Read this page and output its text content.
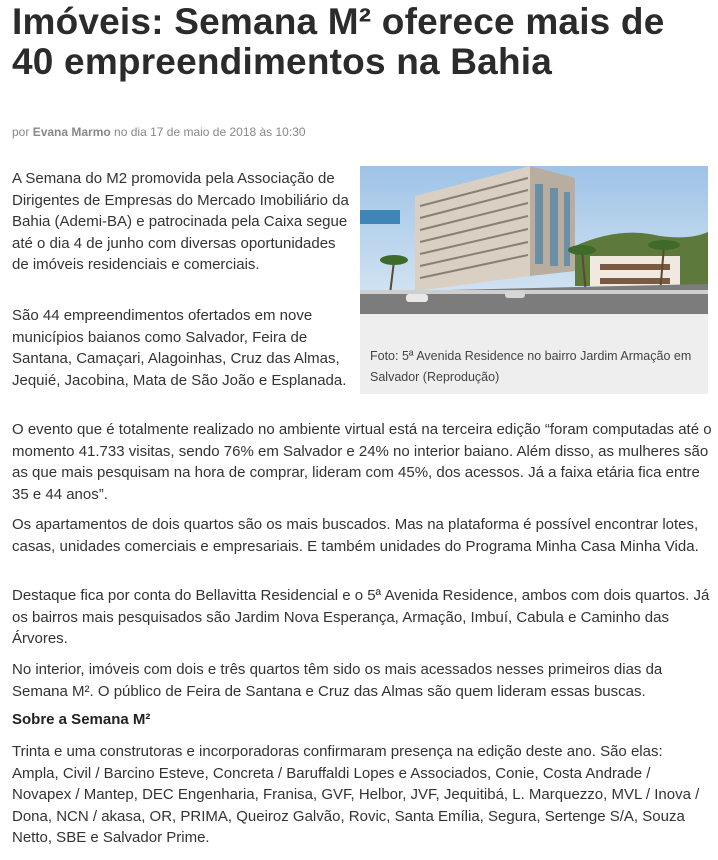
Imóveis: Semana M² oferece mais de 40 empreendimentos na Bahia
por Evana Marmo no dia 17 de maio de 2018 às 10:30
Foto: 5ª Avenida Residence no bairro Jardim Armação em Salvador (Reprodução)

A Semana do M2 promovida pela Associação de Dirigentes de Empresas do Mercado Imobiliário da Bahia (Ademi-BA) e patrocinada pela Caixa segue até o dia 4 de junho com diversas oportunidades de imóveis residenciais e comerciais.

São 44 empreendimentos ofertados em nove municípios baianos como Salvador, Feira de Santana, Camaçari, Alagoinhas, Cruz das Almas, Jequié, Jacobina, Mata de São João e Esplanada.

O evento que é totalmente realizado no ambiente virtual está na terceira edição “foram computadas até o momento 41.733 visitas, sendo 76% em Salvador e 24% no interior baiano. Além disso, as mulheres são as que mais pesquisam na hora de comprar, lideram com 45%, dos acessos. Já a faixa etária fica entre 35 e 44 anos”.

Os apartamentos de dois quartos são os mais buscados. Mas na plataforma é possível encontrar lotes, casas, unidades comerciais e empresariais. E também unidades do Programa Minha Casa Minha Vida.

Destaque fica por conta do Bellavitta Residencial e o 5ª Avenida Residence, ambos com dois quartos. Já os bairros mais pesquisados são Jardim Nova Esperança, Armação, Imbuí, Cabula e Caminho das Árvores.

No interior, imóveis com dois e três quartos têm sido os mais acessados nesses primeiros dias da Semana M². O público de Feira de Santana e Cruz das Almas são quem lideram essas buscas.

Sobre a Semana M²

Trinta e uma construtoras e incorporadoras confirmaram presença na edição deste ano. São elas: Ampla, Civil / Barcino Esteve, Concreta / Baruffaldi Lopes e Associados, Conie, Costa Andrade / Novapex / Mantep, DEC Engenharia, Franisa, GVF, Helbor, JVF, Jequitibá, L. Marquezzo, MVL / Inova / Dona, NCN / akasa, OR, PRIMA, Queiroz Galvão, Rovic, Santa Emília, Segura, Sertenge S/A, Souza Netto, SBE e Salvador Prime.
